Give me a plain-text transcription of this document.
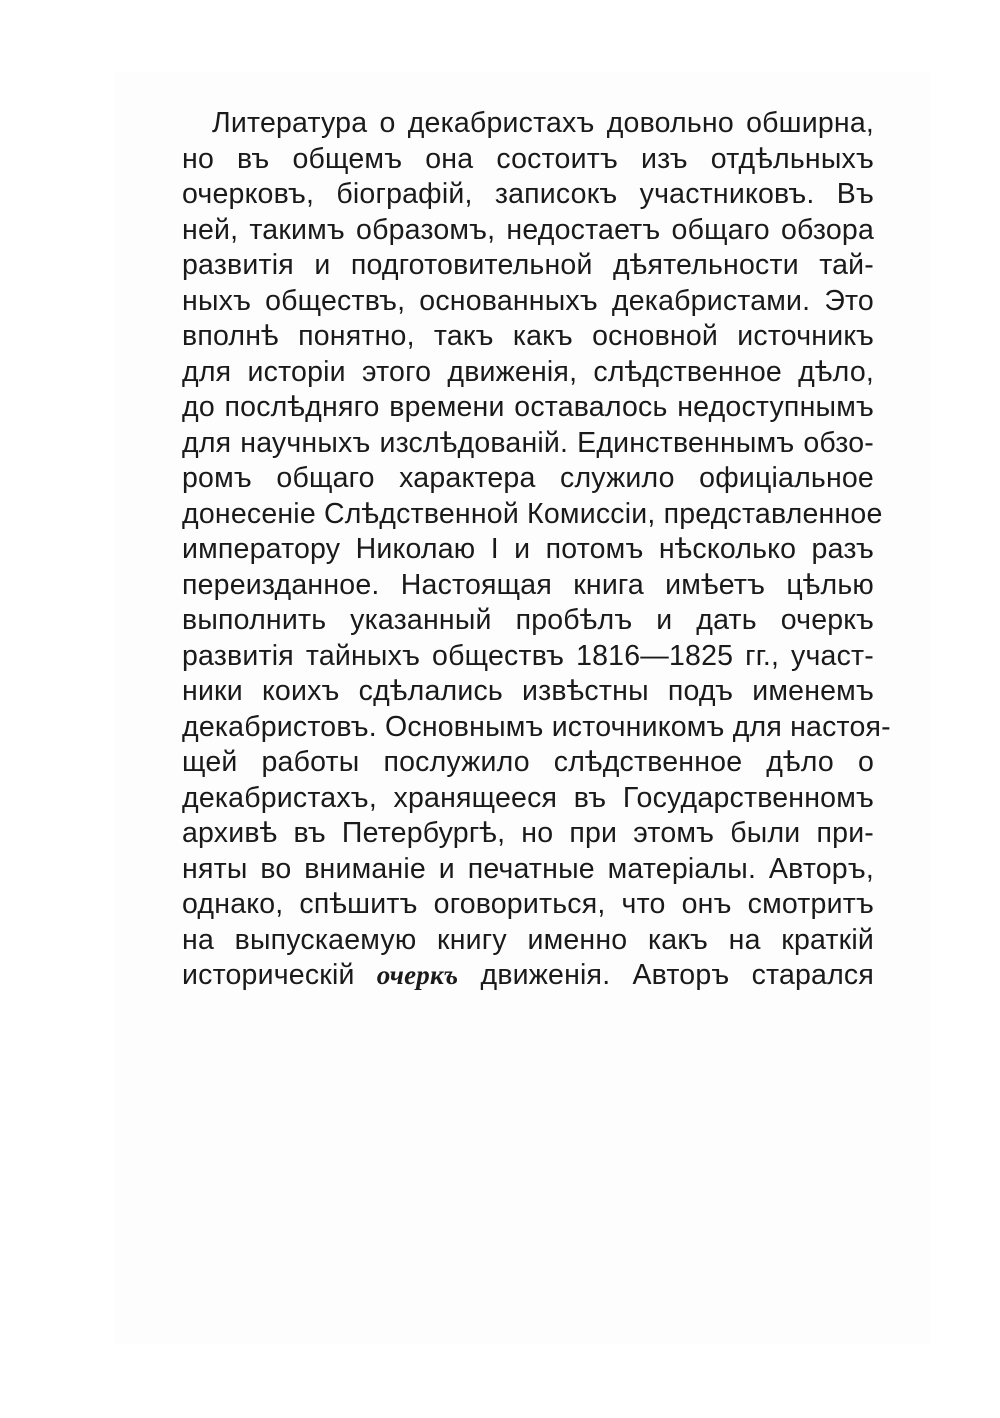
Литература о декабристахъ довольно обширна,
но въ общемъ она состоитъ изъ отдѣльныхъ
очерковъ, біографій, записокъ участниковъ. Въ
ней, такимъ образомъ, недостаетъ общаго обзора
развитія и подготовительной дѣятельности тай-
ныхъ обществъ, основанныхъ декабристами. Это
вполнѣ понятно, такъ какъ основной источникъ
для исторіи этого движенія, слѣдственное дѣло,
до послѣдняго времени оставалось недоступнымъ
для научныхъ изслѣдованій. Единственнымъ обзо-
ромъ общаго характера служило офиціальное
донесеніе Слѣдственной Комиссіи, представленное
императору Николаю I и потомъ нѣсколько разъ
переизданное. Настоящая книга имѣетъ цѣлью
выполнить указанный пробѣлъ и дать очеркъ
развитія тайныхъ обществъ 1816—1825 гг., участ-
ники коихъ сдѣлались извѣстны подъ именемъ
декабристовъ. Основнымъ источникомъ для настоя-
щей работы послужило слѣдственное дѣло о
декабристахъ, хранящееся въ Государственномъ
архивѣ въ Петербургѣ, но при этомъ были при-
няты во вниманіе и печатные матеріалы. Авторъ,
однако, спѣшитъ оговориться, что онъ смотритъ
на выпускаемую книгу именно какъ на краткій
историческій очеркъ движенія. Авторъ старался
